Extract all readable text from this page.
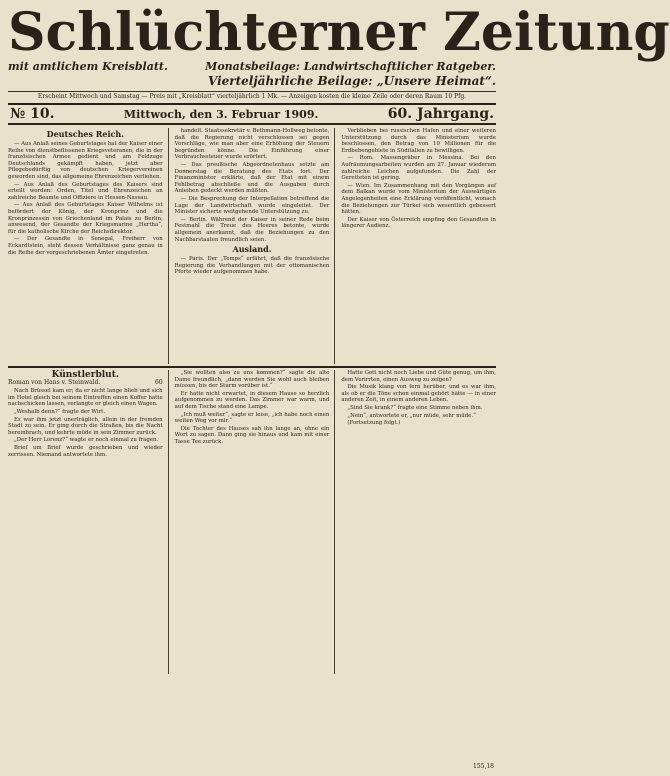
Schlüchterner Zeitung
mit amtlichem Kreisblatt.	Monatsbeilage: Landwirtschaftlicher Ratgeber.
Vierteljährliche Beilage: „Unsere Heimat“.
Erscheint Mittwoch und Samstag — Preis mit „Kreisblatt“ vierteljährlich 1 Mk. — Anzeigen kosten die kleine Zeile oder deren Raum 10 Pfg.
№ 10.	Mittwoch, den 3. Februar 1909.	60. Jahrgang.
Deutsches Reich.

— Aus Anlaß seines Geburtstages hat der Kaiser einer Reihe von dienstbeflissenen Kriegsveteranen, die in der französischen Armee gedient und am Feldzuge Deutschlands gekämpft haben, jetzt aber Pflegebedürftig von deutschen Kriegervereinen geworden sind, das allgemeine Ehrenzeichen verliehen.

— Aus Anlaß des Geburtstages des Kaisers sind erteilt worden: Orden, Titel und Ehrenzeichen an zahlreiche Beamte und Offiziere in Hessen-Nassau.

— Aus Anlaß des Geburtstages Kaiser Wilhelms ist befördert der König, der Kronprinz und die Kronprinzessin von Griechenland im Palais zu Berlin, anwesend, der Gesandte der Kriegsmarine „Hertha“, für die katholische Kirche der Reichsdirektor.

— Der Gesandte in Senegal, Freiherr von Eckardtstein, steht dessen Verhältnisse ganz genau in die Reihe der vorgeschriebenen Ämter eingetreten.

handelt. Staatssekretär v. Bethmann-Hollweg betonte, daß die Regierung nicht verschlossen sei gegen Vorschläge, wie man aber eine Erhöhung der Steuern begründen könne. Die Einführung einer Verbrauchssteuer wurde erörtert.

— Das preußische Abgeordnetenhaus setzte am Donnerstag die Beratung des Etats fort. Der Finanzminister erklärte, daß der Etat mit einem Fehlbetrag abschließe und die Ausgaben durch Anleihen gedeckt werden müßten.

— Die Besprechung der Interpellation betreffend die Lage der Landwirtschaft wurde eingeleitet. Der Minister sicherte weitgehende Unterstützung zu.

— Berlin. Während der Kaiser in seiner Rede beim Festmahl die Treue des Heeres betonte, wurde allgemein anerkannt, daß die Beziehungen zu den Nachbarstaaten freundlich seien.

Ausland.

— Paris. Der „Temps“ erfährt, daß die französische Regierung die Verhandlungen mit der ottomanischen Pforte wieder aufgenommen habe.

Verblieben bei russischen Hafen und einer weiteren Unterstützung durch das Ministerium wurde beschlossen, den Betrag von 10 Millionen für die Erdbebengebiete in Süditalien zu bewilligen.

— Rom. Massengräber in Messina. Bei den Aufräumungsarbeiten wurden am 27. Januar wiederum zahlreiche Leichen aufgefunden. Die Zahl der Geretteten ist gering.

— Wien. Im Zusammenhang mit den Vorgängen auf dem Balkan wurde vom Ministerium der Auswärtigen Angelegenheiten eine Erklärung veröffentlicht, wonach die Beziehungen zur Türkei sich wesentlich gebessert hätten.

Der Kaiser von Österreich empfing den Gesandten in längerer Audienz.

Künstlerblut.
Roman von Hans v. Steinwald.	60

Nach Brüssel kam er; da er nicht lange blieb und sich im Hotel gleich bei seinem Eintreffen einen Koffer hatte nachschicken lassen, verlangte er gleich einen Wagen.

„Weshalb denn?“ fragte der Wirt.

Es war ihm jetzt unerträglich, allein in der fremden Stadt zu sein. Er ging durch die Straßen, bis die Nacht hereinbrach, und kehrte müde in sein Zimmer zurück.

„Der Herr Lorenz?“ wagte er noch einmal zu fragen.

Brief um Brief wurde geschrieben und wieder zerrissen. Niemand antwortete ihm.

„Sie wollten also zu uns kommen?“ sagte die alte Dame freundlich, „dann werden Sie wohl auch bleiben müssen, bis der Sturm vorüber ist.“

Er hatte nicht erwartet, in diesem Hause so herzlich aufgenommen zu werden. Das Zimmer war warm, und auf dem Tische stand eine Lampe.

„Ich muß weiter“, sagte er leise, „ich habe noch einen weiten Weg vor mir.“

Die Tochter des Hauses sah ihn lange an, ohne ein Wort zu sagen. Dann ging sie hinaus und kam mit einer Tasse Tee zurück.

Hatte Gott nicht noch Liebe und Güte genug, um ihm, dem Verirrten, einen Ausweg zu zeigen?

Die Musik klang von fern herüber, und es war ihm, als ob er die Töne schon einmal gehört hätte — in einer anderen Zeit, in einem anderen Leben.

„Sind Sie krank?“ fragte eine Stimme neben ihm.

„Nein“, antwortete er, „nur müde, sehr müde.“

(Fortsetzung folgt.)

155,18
